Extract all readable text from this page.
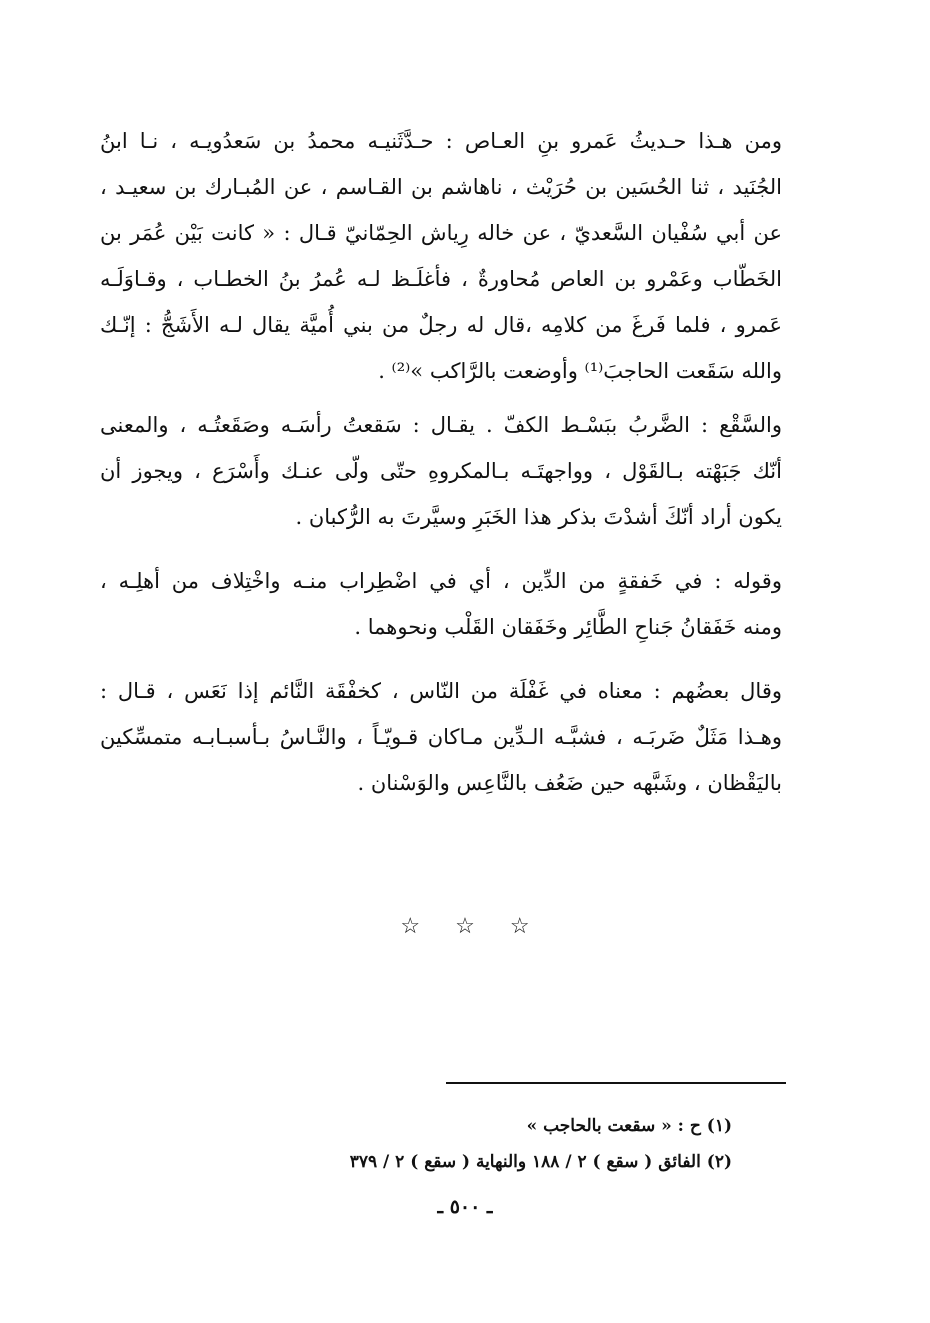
ومن هـذا حـديثُ عَمرو بنِ العـاص : حـدَّثَنيـه محمدُ بن سَعدُويـه ، نـا ابنُ
الجُنَيد ، ثنا الحُسَين بن حُرَيْث ، ناهاشم بن القـاسم ، عن المُبـارك بن سعيـد ،
عن أبي سُفْيان السَّعديّ ، عن خاله رِياش الحِمّانيّ قـال : « كانت بَيْن عُمَر بن
الخَطّاب وعَمْرو بن العاص مُحاورةٌ ، فأغلَـظ لـه عُمرُ بنُ الخطـاب ، وقـاوَلَـه
عَمرو ، فلما فَرغَ من كلامِه ،قال له رجلٌ من بني أُميَّة يقال لـه الأَشَجُّ : إنّـك
والله سَقَعت الحاجبَ⁽¹⁾ وأوضعت بالرَّاكب »⁽²⁾ .
والسَّقْع : الضَّربُ ببَسْـط الكفّ . يقـال : سَقعتُ رأسَـه وصَقَعتُـه ، والمعنى
أنّك جَبَهْته بـالقَوْل ، وواجهتَـه بـالمكروهِ حتّى ولّى عنـك وأَسْرَع ، ويجوز أن
يكون أراد أنّكَ أشدْتَ بذكر هذا الخَبَرِ وسيَّرتَ به الرُّكبان .
وقوله : في خَفقةٍ من الدِّين ، أي في اضْطِراب منـه واخْتِلاف من أهلِـه ،
ومنه خَفَقانُ جَناحِ الطَّائِر وخَفَقان القَلْب ونحوهما .
وقال بعضُهم : معناه في غَفْلَة من النّاس ، كخفْقَة النَّائم إذا نَعَس ، قـال :
وهـذا مَثَلٌ ضَربَـه ، فشبَّـه الـدِّين مـاكان قـويّـاً ، والنَّـاسُ بـأسبـابـه متمسِّكين
باليَقْظان ، وشَبَّهه حين ضَعُف بالنَّاعِس والوَسْنان .
☆ ☆ ☆
(١) ح : « سقعت بالحاجب »
(٢) الفائق ( سقع ) ٢ / ١٨٨ والنهاية ( سقع ) ٢ / ٣٧٩
ـ ٥٠٠ ـ
